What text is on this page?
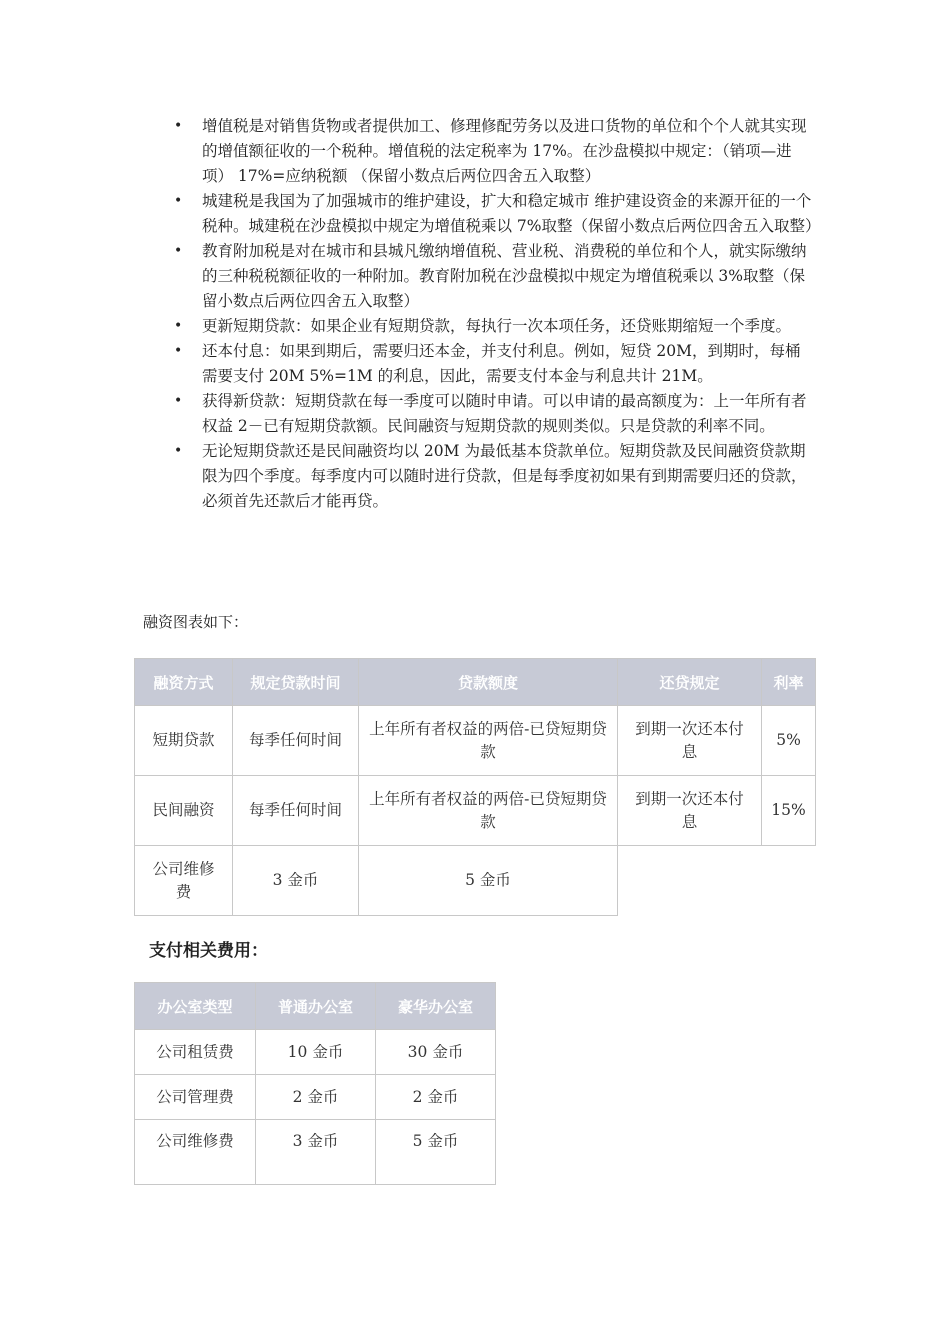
• 增值税是对销售货物或者提供加工、修理修配劳务以及进口货物的单位和个个人就其实现的增值额征收的一个税种。增值税的法定税率为 17%。在沙盘模拟中规定：（销项—进项） 17%=应纳税额 （保留小数点后两位四舍五入取整）
• 城建税是我国为了加强城市的维护建设，扩大和稳定城市 维护建设资金的来源开征的一个税种。城建税在沙盘模拟中规定为增值税乘以 7%取整（保留小数点后两位四舍五入取整）
• 教育附加税是对在城市和县城凡缴纳增值税、营业税、消费税的单位和个人，就实际缴纳的三种税税额征收的一种附加。教育附加税在沙盘模拟中规定为增值税乘以 3%取整（保留小数点后两位四舍五入取整）
• 更新短期贷款：如果企业有短期贷款，每执行一次本项任务，还贷账期缩短一个季度。
• 还本付息：如果到期后，需要归还本金，并支付利息。例如，短贷 20M，到期时，每桶需要支付 20M 5%=1M 的利息，因此，需要支付本金与利息共计 21M。
• 获得新贷款：短期贷款在每一季度可以随时申请。可以申请的最高额度为：上一年所有者权益 2－已有短期贷款额。民间融资与短期贷款的规则类似。只是贷款的利率不同。
• 无论短期贷款还是民间融资均以 20M 为最低基本贷款单位。短期贷款及民间融资贷款期限为四个季度。每季度内可以随时进行贷款，但是每季度初如果有到期需要归还的贷款，必须首先还款后才能再贷。
融资图表如下：
融资方式	规定贷款时间	贷款额度	还贷规定	利率
短期贷款	每季任何时间	上年所有者权益的两倍-已贷短期贷款	到期一次还本付息	5%
民间融资	每季任何时间	上年所有者权益的两倍-已贷短期贷款	到期一次还本付息	15%
公司维修费	3 金币	5 金币		
支付相关费用：
办公室类型	普通办公室	豪华办公室
公司租赁费	10 金币	30 金币
公司管理费	2 金币	2 金币
公司维修费	3 金币	5 金币
